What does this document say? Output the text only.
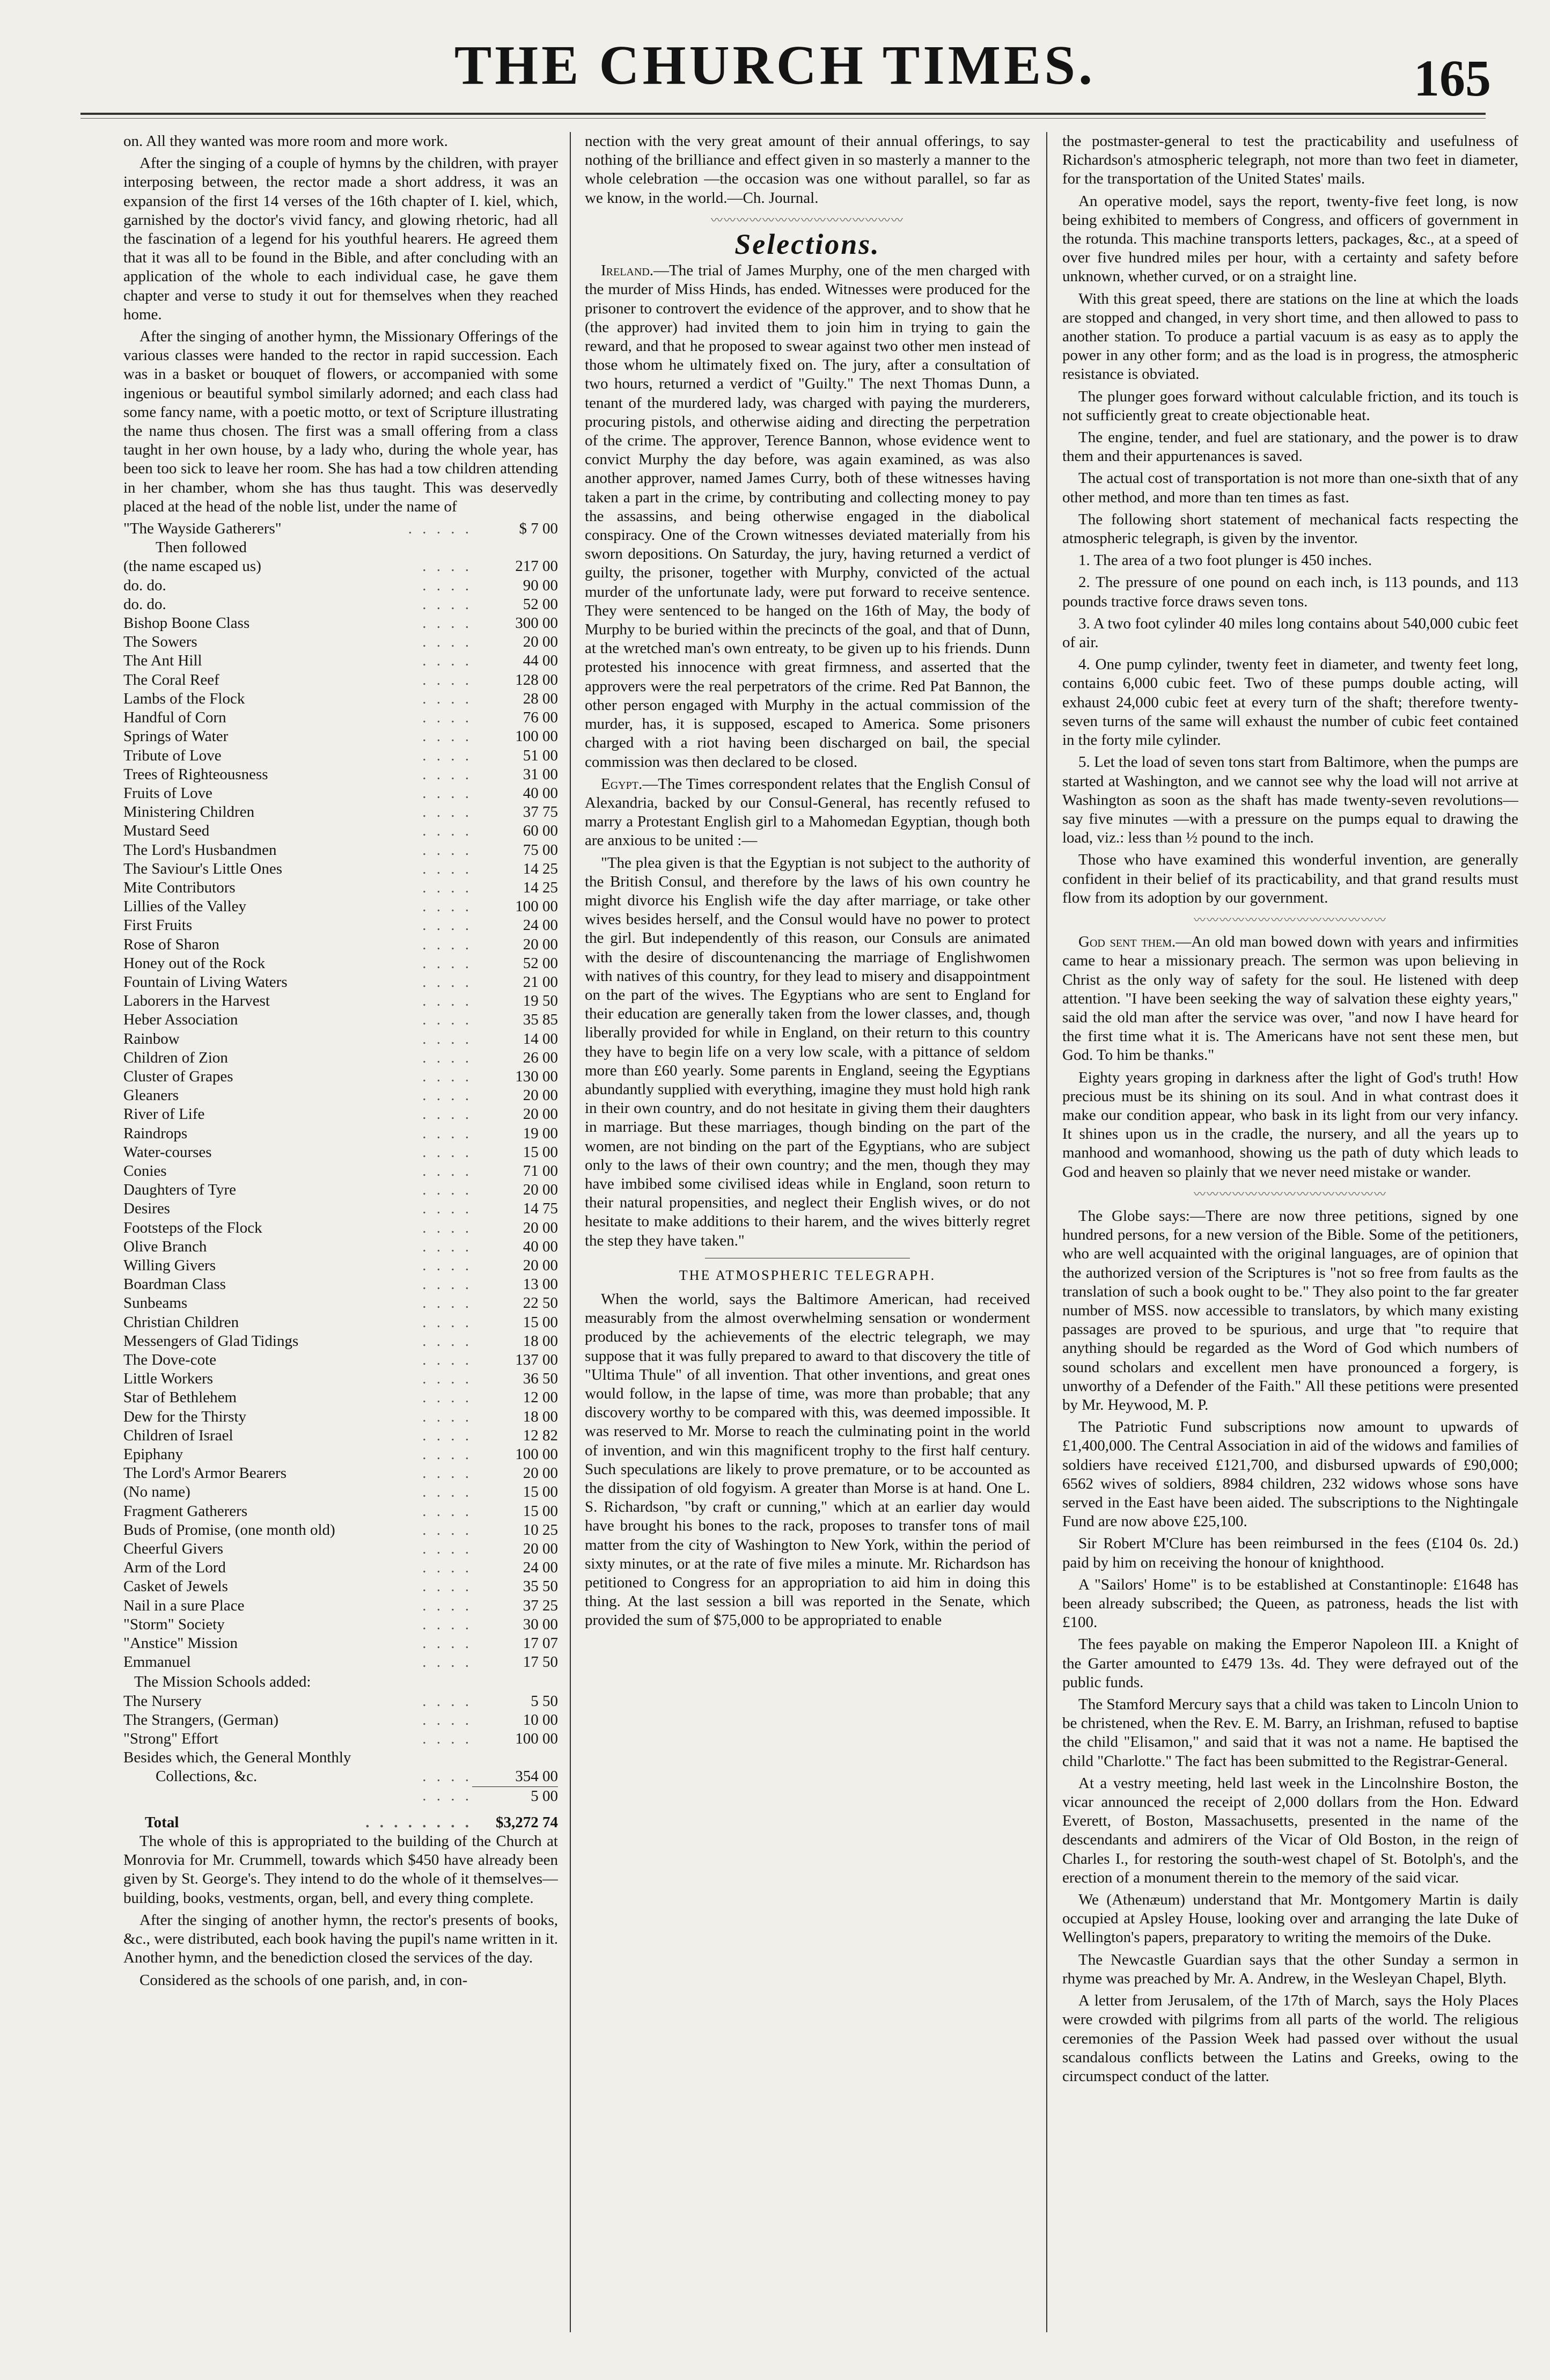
THE CHURCH TIMES.	165

on. All they wanted was more room and more work.

After the singing of a couple of hymns by the children, with prayer interposing between, the rector made a short address, it was an expansion of the first 14 verses of the 16th chapter of I. kiel, which, garnished by the doctor's vivid fancy, and glowing rhetoric, had all the fascination of a legend for his youthful hearers. He agreed them that it was all to be found in the Bible, and after concluding with an application of the whole to each individual case, he gave them chapter and verse to study it out for themselves when they reached home.

After the singing of another hymn, the Missionary Offerings of the various classes were handed to the rector in rapid succession. Each was in a basket or bouquet of flowers, or accompanied with some ingenious or beautiful symbol similarly adorned; and each class had some fancy name, with a poetic motto, or text of Scripture illustrating the name thus chosen. The first was a small offering from a class taught in her own house, by a lady who, during the whole year, has been too sick to leave her room. She has had a tow children attending in her chamber, whom she has thus taught. This was deservedly placed at the head of the noble list, under the name of

"The Wayside Gatherers"	. . . . .	$ 7 00
Then followed
(the name escaped us)	. . . .	217 00
do. do.	. . . .	90 00
do. do.	. . . .	52 00
Bishop Boone Class	. . . .	300 00
The Sowers	. . . .	20 00
The Ant Hill	. . . .	44 00
The Coral Reef	. . . .	128 00
Lambs of the Flock	. . . .	28 00
Handful of Corn	. . . .	76 00
Springs of Water	. . . .	100 00
Tribute of Love	. . . .	51 00
Trees of Righteousness	. . . .	31 00
Fruits of Love	. . . .	40 00
Ministering Children	. . . .	37 75
Mustard Seed	. . . .	60 00
The Lord's Husbandmen	. . . .	75 00
The Saviour's Little Ones	. . . .	14 25
Mite Contributors	. . . .	14 25
Lillies of the Valley	. . . .	100 00
First Fruits	. . . .	24 00
Rose of Sharon	. . . .	20 00
Honey out of the Rock	. . . .	52 00
Fountain of Living Waters	. . . .	21 00
Laborers in the Harvest	. . . .	19 50
Heber Association	. . . .	35 85
Rainbow	. . . .	14 00
Children of Zion	. . . .	26 00
Cluster of Grapes	. . . .	130 00
Gleaners	. . . .	20 00
River of Life	. . . .	20 00
Raindrops	. . . .	19 00
Water-courses	. . . .	15 00
Conies	. . . .	71 00
Daughters of Tyre	. . . .	20 00
Desires	. . . .	14 75
Footsteps of the Flock	. . . .	20 00
Olive Branch	. . . .	40 00
Willing Givers	. . . .	20 00
Boardman Class	. . . .	13 00
Sunbeams	. . . .	22 50
Christian Children	. . . .	15 00
Messengers of Glad Tidings	. . . .	18 00
The Dove-cote	. . . .	137 00
Little Workers	. . . .	36 50
Star of Bethlehem	. . . .	12 00
Dew for the Thirsty	. . . .	18 00
Children of Israel	. . . .	12 82
Epiphany	. . . .	100 00
The Lord's Armor Bearers	. . . .	20 00
(No name)	. . . .	15 00
Fragment Gatherers	. . . .	15 00
Buds of Promise, (one month old)	. . . .	10 25
Cheerful Givers	. . . .	20 00
Arm of the Lord	. . . .	24 00
Casket of Jewels	. . . .	35 50
Nail in a sure Place	. . . .	37 25
"Storm" Society	. . . .	30 00
"Anstice" Mission	. . . .	17 07
Emmanuel	. . . .	17 50
The Mission Schools added:
The Nursery	. . . .	5 50
The Strangers, (German)	. . . .	10 00
"Strong" Effort	. . . .	100 00
Besides which, the General Monthly		
Collections, &c.	. . . .	354 00
	. . . .	5 00
Total	. . . . . . . .	$3,272 74

The whole of this is appropriated to the building of the Church at Monrovia for Mr. Crummell, towards which $450 have already been given by St. George's. They intend to do the whole of it themselves—building, books, vestments, organ, bell, and every thing complete.

After the singing of another hymn, the rector's presents of books, &c., were distributed, each book having the pupil's name written in it. Another hymn, and the benediction closed the services of the day.

Considered as the schools of one parish, and, in con-

nection with the very great amount of their annual offerings, to say nothing of the brilliance and effect given in so masterly a manner to the whole celebration —the occasion was one without parallel, so far as we know, in the world.—Ch. Journal.

〰〰〰〰〰〰〰〰〰〰〰〰〰〰〰
Selections.

Ireland.—The trial of James Murphy, one of the men charged with the murder of Miss Hinds, has ended. Witnesses were produced for the prisoner to controvert the evidence of the approver, and to show that he (the approver) had invited them to join him in trying to gain the reward, and that he proposed to swear against two other men instead of those whom he ultimately fixed on. The jury, after a consultation of two hours, returned a verdict of "Guilty." The next Thomas Dunn, a tenant of the murdered lady, was charged with paying the murderers, procuring pistols, and otherwise aiding and directing the perpetration of the crime. The approver, Terence Bannon, whose evidence went to convict Murphy the day before, was again examined, as was also another approver, named James Curry, both of these witnesses having taken a part in the crime, by contributing and collecting money to pay the assassins, and being otherwise engaged in the diabolical conspiracy. One of the Crown witnesses deviated materially from his sworn depositions. On Saturday, the jury, having returned a verdict of guilty, the prisoner, together with Murphy, convicted of the actual murder of the unfortunate lady, were put forward to receive sentence. They were sentenced to be hanged on the 16th of May, the body of Murphy to be buried within the precincts of the goal, and that of Dunn, at the wretched man's own entreaty, to be given up to his friends. Dunn protested his innocence with great firmness, and asserted that the approvers were the real perpetrators of the crime. Red Pat Bannon, the other person engaged with Murphy in the actual commission of the murder, has, it is supposed, escaped to America. Some prisoners charged with a riot having been discharged on bail, the special commission was then declared to be closed.

Egypt.—The Times correspondent relates that the English Consul of Alexandria, backed by our Consul-General, has recently refused to marry a Protestant English girl to a Mahomedan Egyptian, though both are anxious to be united :—

"The plea given is that the Egyptian is not subject to the authority of the British Consul, and therefore by the laws of his own country he might divorce his English wife the day after marriage, or take other wives besides herself, and the Consul would have no power to protect the girl. But independently of this reason, our Consuls are animated with the desire of discountenancing the marriage of Englishwomen with natives of this country, for they lead to misery and disappointment on the part of the wives. The Egyptians who are sent to England for their education are generally taken from the lower classes, and, though liberally provided for while in England, on their return to this country they have to begin life on a very low scale, with a pittance of seldom more than £60 yearly. Some parents in England, seeing the Egyptians abundantly supplied with everything, imagine they must hold high rank in their own country, and do not hesitate in giving them their daughters in marriage. But these marriages, though binding on the part of the women, are not binding on the part of the Egyptians, who are subject only to the laws of their own country; and the men, though they may have imbibed some civilised ideas while in England, soon return to their natural propensities, and neglect their English wives, or do not hesitate to make additions to their harem, and the wives bitterly regret the step they have taken."

THE ATMOSPHERIC TELEGRAPH.

When the world, says the Baltimore American, had received measurably from the almost overwhelming sensation or wonderment produced by the achievements of the electric telegraph, we may suppose that it was fully prepared to award to that discovery the title of "Ultima Thule" of all invention. That other inventions, and great ones would follow, in the lapse of time, was more than probable; that any discovery worthy to be compared with this, was deemed impossible. It was reserved to Mr. Morse to reach the culminating point in the world of invention, and win this magnificent trophy to the first half century. Such speculations are likely to prove premature, or to be accounted as the dissipation of old fogyism. A greater than Morse is at hand. One L. S. Richardson, "by craft or cunning," which at an earlier day would have brought his bones to the rack, proposes to transfer tons of mail matter from the city of Washington to New York, within the period of sixty minutes, or at the rate of five miles a minute. Mr. Richardson has petitioned to Congress for an appropriation to aid him in doing this thing. At the last session a bill was reported in the Senate, which provided the sum of $75,000 to be appropriated to enable

the postmaster-general to test the practicability and usefulness of Richardson's atmospheric telegraph, not more than two feet in diameter, for the transportation of the United States' mails.

An operative model, says the report, twenty-five feet long, is now being exhibited to members of Congress, and officers of government in the rotunda. This machine transports letters, packages, &c., at a speed of over five hundred miles per hour, with a certainty and safety before unknown, whether curved, or on a straight line.

With this great speed, there are stations on the line at which the loads are stopped and changed, in very short time, and then allowed to pass to another station. To produce a partial vacuum is as easy as to apply the power in any other form; and as the load is in progress, the atmospheric resistance is obviated.

The plunger goes forward without calculable friction, and its touch is not sufficiently great to create objectionable heat.

The engine, tender, and fuel are stationary, and the power is to draw them and their appurtenances is saved.

The actual cost of transportation is not more than one-sixth that of any other method, and more than ten times as fast.

The following short statement of mechanical facts respecting the atmospheric telegraph, is given by the inventor.

1. The area of a two foot plunger is 450 inches.

2. The pressure of one pound on each inch, is 113 pounds, and 113 pounds tractive force draws seven tons.

3. A two foot cylinder 40 miles long contains about 540,000 cubic feet of air.

4. One pump cylinder, twenty feet in diameter, and twenty feet long, contains 6,000 cubic feet. Two of these pumps double acting, will exhaust 24,000 cubic feet at every turn of the shaft; therefore twenty-seven turns of the same will exhaust the number of cubic feet contained in the forty mile cylinder.

5. Let the load of seven tons start from Baltimore, when the pumps are started at Washington, and we cannot see why the load will not arrive at Washington as soon as the shaft has made twenty-seven revolutions—say five minutes —with a pressure on the pumps equal to drawing the load, viz.: less than ½ pound to the inch.

Those who have examined this wonderful invention, are generally confident in their belief of its practicability, and that grand results must flow from its adoption by our government.

〰〰〰〰〰〰〰〰〰〰〰〰〰〰〰

God sent them.—An old man bowed down with years and infirmities came to hear a missionary preach. The sermon was upon believing in Christ as the only way of safety for the soul. He listened with deep attention. "I have been seeking the way of salvation these eighty years," said the old man after the service was over, "and now I have heard for the first time what it is. The Americans have not sent these men, but God. To him be thanks."

Eighty years groping in darkness after the light of God's truth! How precious must be its shining on its soul. And in what contrast does it make our condition appear, who bask in its light from our very infancy. It shines upon us in the cradle, the nursery, and all the years up to manhood and womanhood, showing us the path of duty which leads to God and heaven so plainly that we never need mistake or wander.

〰〰〰〰〰〰〰〰〰〰〰〰〰〰〰

The Globe says:—There are now three petitions, signed by one hundred persons, for a new version of the Bible. Some of the petitioners, who are well acquainted with the original languages, are of opinion that the authorized version of the Scriptures is "not so free from faults as the translation of such a book ought to be." They also point to the far greater number of MSS. now accessible to translators, by which many existing passages are proved to be spurious, and urge that "to require that anything should be regarded as the Word of God which numbers of sound scholars and excellent men have pronounced a forgery, is unworthy of a Defender of the Faith." All these petitions were presented by Mr. Heywood, M. P.

The Patriotic Fund subscriptions now amount to upwards of £1,400,000. The Central Association in aid of the widows and families of soldiers have received £121,700, and disbursed upwards of £90,000; 6562 wives of soldiers, 8984 children, 232 widows whose sons have served in the East have been aided. The subscriptions to the Nightingale Fund are now above £25,100.

Sir Robert M'Clure has been reimbursed in the fees (£104 0s. 2d.) paid by him on receiving the honour of knighthood.

A "Sailors' Home" is to be established at Constantinople: £1648 has been already subscribed; the Queen, as patroness, heads the list with £100.

The fees payable on making the Emperor Napoleon III. a Knight of the Garter amounted to £479 13s. 4d. They were defrayed out of the public funds.

The Stamford Mercury says that a child was taken to Lincoln Union to be christened, when the Rev. E. M. Barry, an Irishman, refused to baptise the child "Elisamon," and said that it was not a name. He baptised the child "Charlotte." The fact has been submitted to the Registrar-General.

At a vestry meeting, held last week in the Lincolnshire Boston, the vicar announced the receipt of 2,000 dollars from the Hon. Edward Everett, of Boston, Massachusetts, presented in the name of the descendants and admirers of the Vicar of Old Boston, in the reign of Charles I., for restoring the south-west chapel of St. Botolph's, and the erection of a monument therein to the memory of the said vicar.

We (Athenæum) understand that Mr. Montgomery Martin is daily occupied at Apsley House, looking over and arranging the late Duke of Wellington's papers, preparatory to writing the memoirs of the Duke.

The Newcastle Guardian says that the other Sunday a sermon in rhyme was preached by Mr. A. Andrew, in the Wesleyan Chapel, Blyth.

A letter from Jerusalem, of the 17th of March, says the Holy Places were crowded with pilgrims from all parts of the world. The religious ceremonies of the Passion Week had passed over without the usual scandalous conflicts between the Latins and Greeks, owing to the circumspect conduct of the latter.
